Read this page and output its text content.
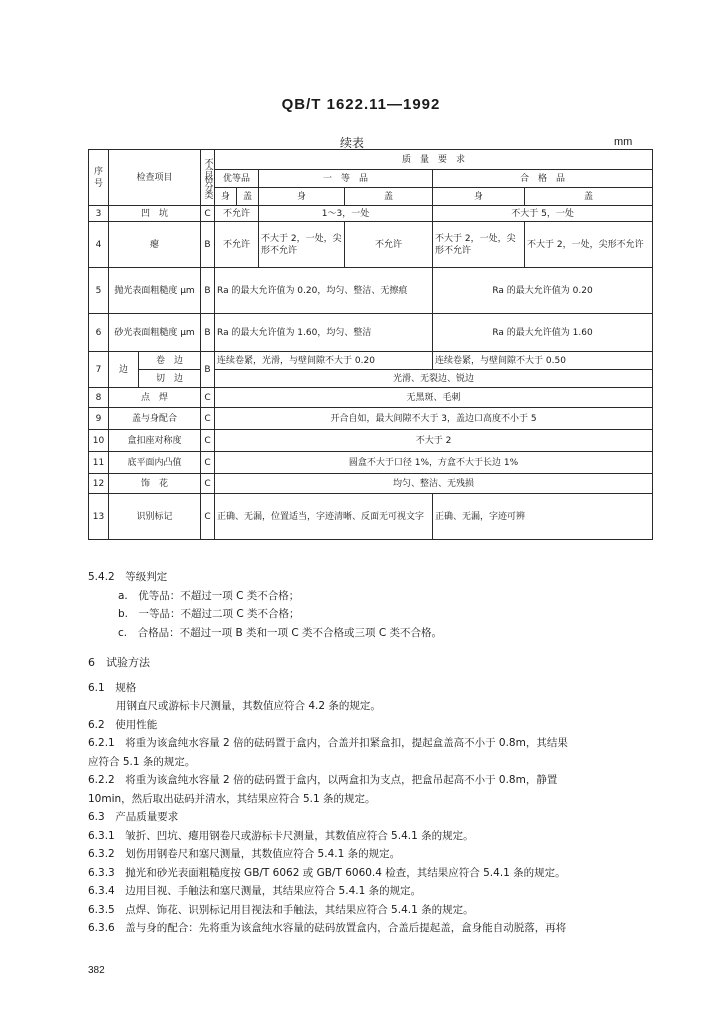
QB/T 1622.11—1992
续表	mm
序号	检查项目		不合格分类	质　量　要　求					
				优等品		一　等　品		合　格　品	
				身	盖	身	盖	身	盖
3	凹　坑		C	不允许		1～3，一处		不大于 5，一处	
4	瘪		B	不允许		不大于 2，一处，尖形不允许	不允许	不大于 2，一处，尖形不允许	不大于 2，一处，尖形不允许
5	抛光表面粗糙度 μm		B	Ra 的最大允许值为 0.20，均匀、整洁、无擦痕				Ra 的最大允许值为 0.20	
6	砂光表面粗糙度 μm		B	Ra 的最大允许值为 1.60，均匀、整洁				Ra 的最大允许值为 1.60	
7	边	卷　边	B	连续卷紧，光滑，与壁间隙不大于 0.20				连续卷紧，与壁间隙不大于 0.50	
		切　边		光滑、无裂边、锐边					
8	点　焊		C	无黑斑、毛刺					
9	盖与身配合		C	开合自如，最大间隙不大于 3，盖边口高度不小于 5					
10	盒扣座对称度		C	不大于 2					
11	底平面内凸值		C	圆盒不大于口径 1%，方盒不大于长边 1%					
12	饰　花		C	均匀、整洁、无残损					
13	识别标记		C	正确、无漏，位置适当，字迹清晰、反面无可视文字				正确、无漏，字迹可辨	

5.4.2　等级判定

a.　优等品：不超过一项 C 类不合格；

b.　一等品：不超过二项 C 类不合格；

c.　合格品：不超过一项 B 类和一项 C 类不合格或三项 C 类不合格。

6　试验方法

6.1　规格

用钢直尺或游标卡尺测量，其数值应符合 4.2 条的规定。

6.2　使用性能

6.2.1　将重为该盒纯水容量 2 倍的砝码置于盒内，合盖并扣紧盒扣，提起盒盖高不小于 0.8m，其结果

应符合 5.1 条的规定。

6.2.2　将重为该盒纯水容量 2 倍的砝码置于盒内，以两盒扣为支点，把盒吊起高不小于 0.8m，静置

10min，然后取出砝码并清水，其结果应符合 5.1 条的规定。

6.3　产品质量要求

6.3.1　皱折、凹坑、瘪用钢卷尺或游标卡尺测量，其数值应符合 5.4.1 条的规定。

6.3.2　划伤用钢卷尺和塞尺测量，其数值应符合 5.4.1 条的规定。

6.3.3　抛光和砂光表面粗糙度按 GB/T 6062 或 GB/T 6060.4 检查，其结果应符合 5.4.1 条的规定。

6.3.4　边用目视、手触法和塞尺测量，其结果应符合 5.4.1 条的规定。

6.3.5　点焊、饰花、识别标记用目视法和手触法，其结果应符合 5.4.1 条的规定。

6.3.6　盖与身的配合：先将重为该盒纯水容量的砝码放置盒内，合盖后提起盖，盒身能自动脱落，再将

382
